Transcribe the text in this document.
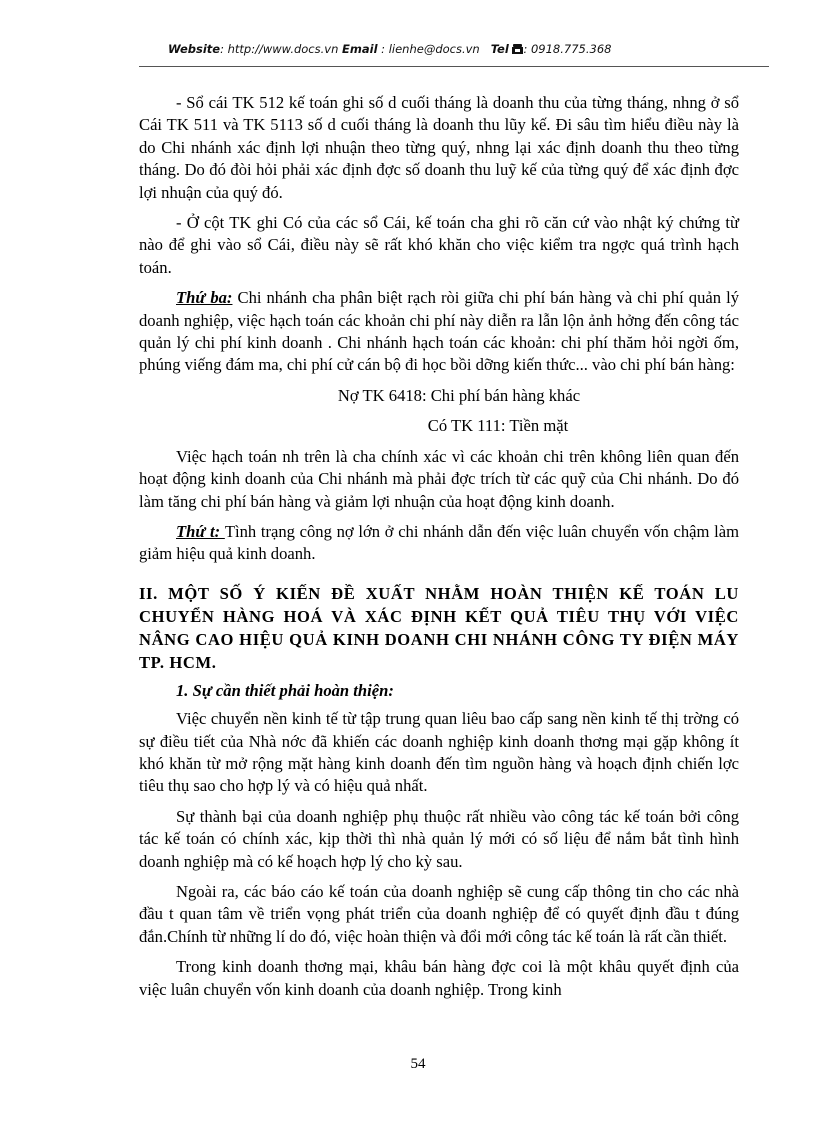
Website: http://www.docs.vn Email : lienhe@docs.vn Tel : 0918.775.368

- Sổ cái TK 512 kế toán ghi số d cuối tháng là doanh thu của từng tháng, nhng ở sổ Cái TK 511 và TK 5113 số d cuối tháng là doanh thu lũy kế. Đi sâu tìm hiểu điều này là do Chi nhánh xác định lợi nhuận theo từng quý, nhng lại xác định doanh thu theo từng tháng. Do đó đòi hỏi phải xác định đợc số doanh thu luỹ kế của từng quý để xác định đợc lợi nhuận của quý đó.

- Ở cột TK ghi Có của các sổ Cái, kế toán cha ghi rõ căn cứ vào nhật ký chứng từ nào để ghi vào sổ Cái, điều này sẽ rất khó khăn cho việc kiểm tra ngợc quá trình hạch toán.

Thứ ba: Chi nhánh cha phân biệt rạch ròi giữa chi phí bán hàng và chi phí quản lý doanh nghiệp, việc hạch toán các khoản chi phí này diễn ra lẫn lộn ảnh hởng đến công tác quản lý chi phí kinh doanh . Chi nhánh hạch toán các khoản: chi phí thăm hỏi ngời ốm, phúng viếng đám ma, chi phí cử cán bộ đi học bồi dỡng kiến thức... vào chi phí bán hàng:

Nợ TK 6418: Chi phí bán hàng khác

Có TK 111: Tiền mặt

Việc hạch toán nh trên là cha chính xác vì các khoản chi trên không liên quan đến hoạt động kinh doanh của Chi nhánh mà phải đợc trích từ các quỹ của Chi nhánh. Do đó làm tăng chi phí bán hàng và giảm lợi nhuận của hoạt động kinh doanh.

Thứ t: Tình trạng công nợ lớn ở chi nhánh dẫn đến việc luân chuyển vốn chậm làm giảm hiệu quả kinh doanh.

II. MỘT SỐ Ý KIẾN ĐỀ XUẤT NHẰM HOÀN THIỆN KẾ TOÁN LU CHUYỂN HÀNG HOÁ VÀ XÁC ĐỊNH KẾT QUẢ TIÊU THỤ VỚI VIỆC NÂNG CAO HIỆU QUẢ KINH DOANH CHI NHÁNH CÔNG TY ĐIỆN MÁY TP. HCM.

1. Sự cần thiết phải hoàn thiện:

Việc chuyển nền kinh tế từ tập trung quan liêu bao cấp sang nền kinh tế thị trờng có sự điều tiết của Nhà nớc đã khiến các doanh nghiệp kinh doanh thơng mại gặp không ít khó khăn từ mở rộng mặt hàng kinh doanh đến tìm nguồn hàng và hoạch định chiến lợc tiêu thụ sao cho hợp lý và có hiệu quả nhất.

Sự thành bại của doanh nghiệp phụ thuộc rất nhiều vào công tác kế toán bởi công tác kế toán có chính xác, kịp thời thì nhà quản lý mới có số liệu để nắm bắt tình hình doanh nghiệp mà có kế hoạch hợp lý cho kỳ sau.

Ngoài ra, các báo cáo kế toán của doanh nghiệp sẽ cung cấp thông tin cho các nhà đầu t quan tâm về triển vọng phát triển của doanh nghiệp để có quyết định đầu t đúng đắn.Chính từ những lí do đó, việc hoàn thiện và đổi mới công tác kế toán là rất cần thiết.

Trong kinh doanh thơng mại, khâu bán hàng đợc coi là một khâu quyết định của việc luân chuyển vốn kinh doanh của doanh nghiệp. Trong kinh

54
